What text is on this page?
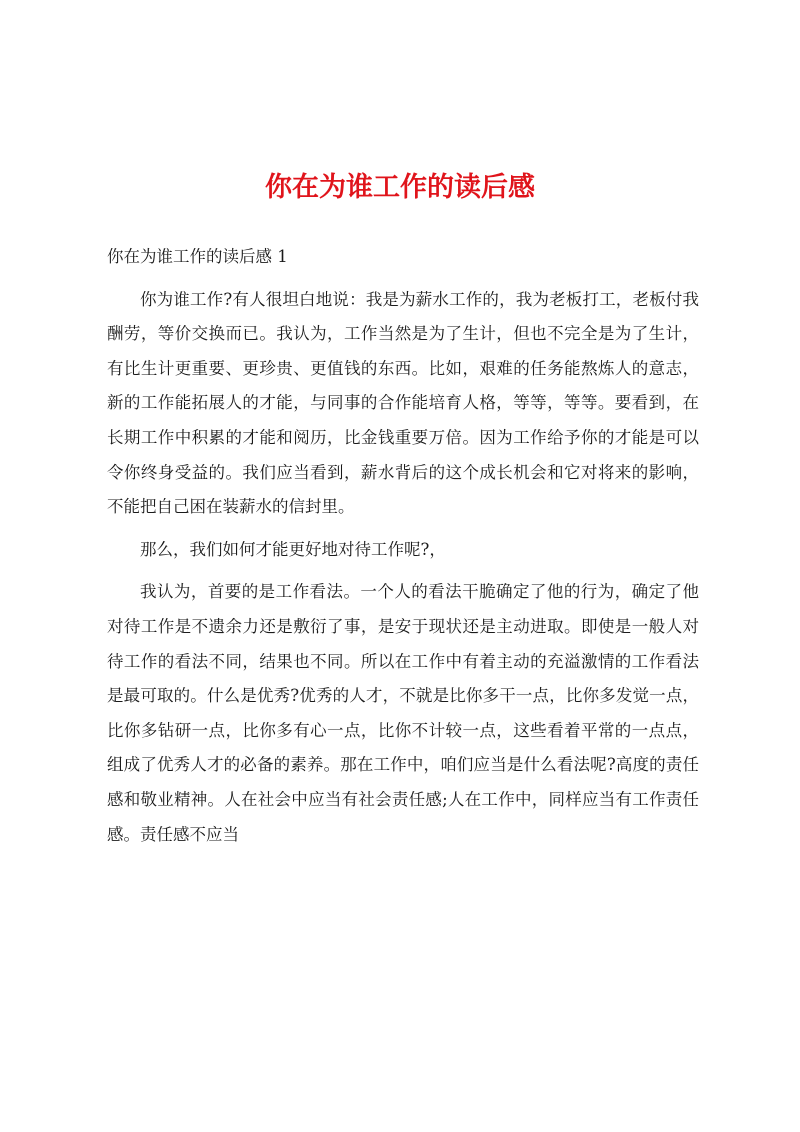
你在为谁工作的读后感

你在为谁工作的读后感 1

你为谁工作?有人很坦白地说：我是为薪水工作的，我为老板打工，老板付我酬劳，等价交换而已。我认为，工作当然是为了生计，但也不完全是为了生计，有比生计更重要、更珍贵、更值钱的东西。比如，艰难的任务能熬炼人的意志，新的工作能拓展人的才能，与同事的合作能培育人格，等等，等等。要看到，在长期工作中积累的才能和阅历，比金钱重要万倍。因为工作给予你的才能是可以令你终身受益的。我们应当看到，薪水背后的这个成长机会和它对将来的影响，不能把自己困在装薪水的信封里。

那么，我们如何才能更好地对待工作呢?，

我认为，首要的是工作看法。一个人的看法干脆确定了他的行为，确定了他对待工作是不遗余力还是敷衍了事，是安于现状还是主动进取。即使是一般人对待工作的看法不同，结果也不同。所以在工作中有着主动的充溢激情的工作看法是最可取的。什么是优秀?优秀的人才，不就是比你多干一点，比你多发觉一点，比你多钻研一点，比你多有心一点，比你不计较一点，这些看着平常的一点点，组成了优秀人才的必备的素养。那在工作中，咱们应当是什么看法呢?高度的责任感和敬业精神。人在社会中应当有社会责任感;人在工作中，同样应当有工作责任感。责任感不应当
